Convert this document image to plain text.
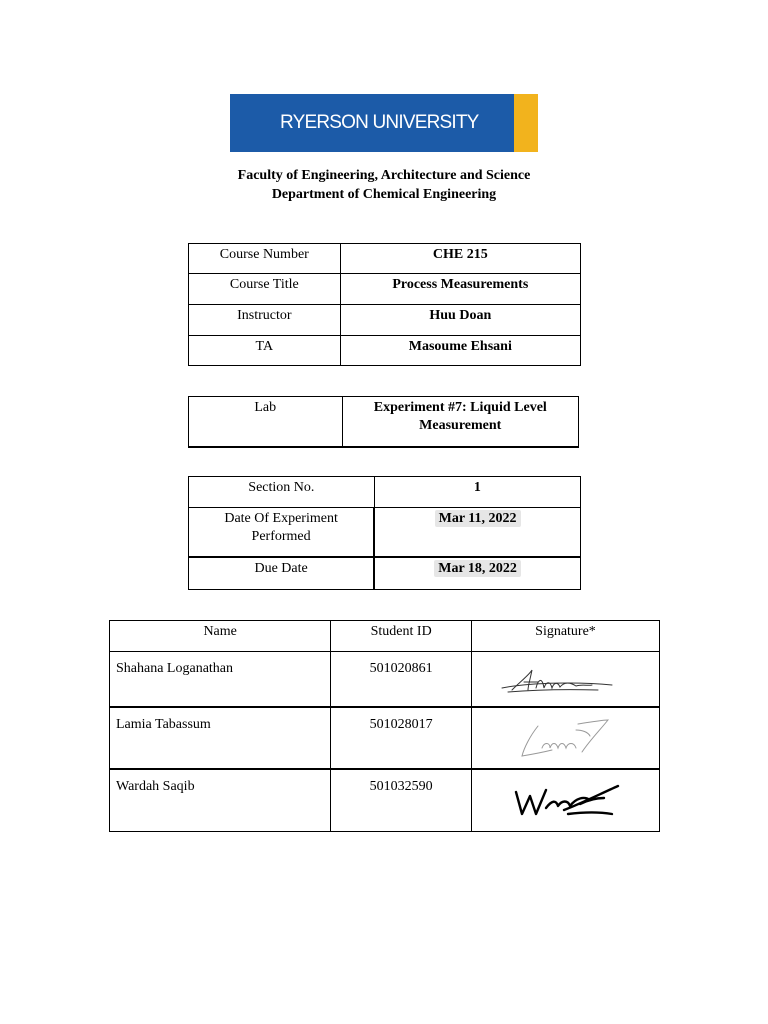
RYERSON UNIVERSITY
Faculty of Engineering, Architecture and Science
Department of Chemical Engineering
Course Number	CHE 215
Course Title	Process Measurements
Instructor	Huu Doan
TA	Masoume Ehsani
Lab	Experiment #7: Liquid Level Measurement
Section No.	1
Date Of Experiment Performed	Mar 11, 2022
Due Date	Mar 18, 2022
Name	Student ID	Signature*
Shahana Loganathan	501020861	

Lamia Tabassum	501028017	

Wardah Saqib	501032590	
